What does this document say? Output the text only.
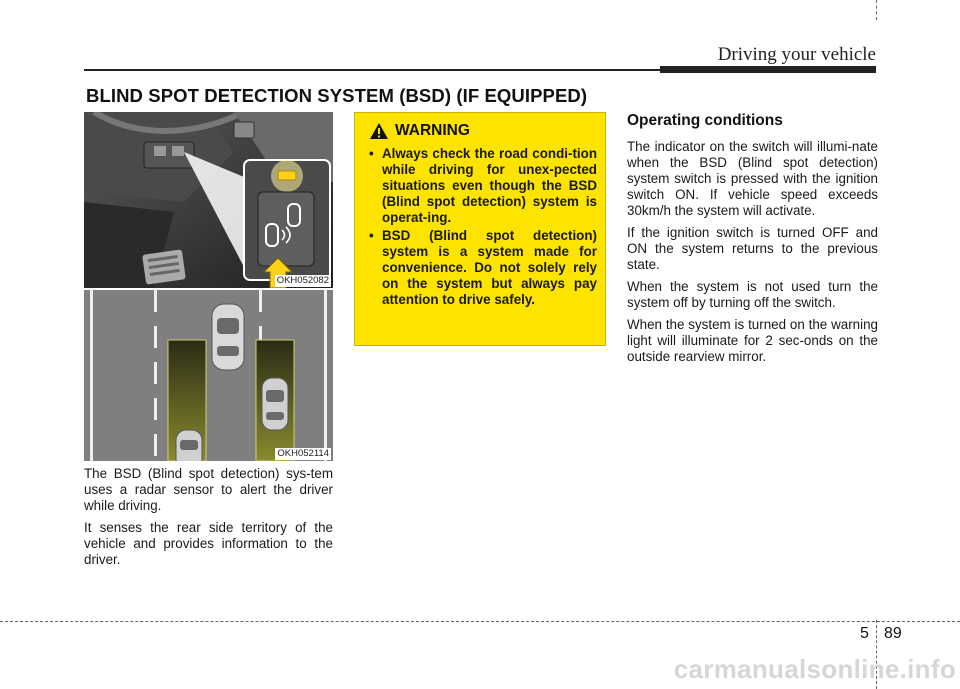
Driving your vehicle
BLIND SPOT DETECTION SYSTEM (BSD) (IF EQUIPPED)
OKH052082
OKH052114

The BSD (Blind spot detection) sys-tem uses a radar sensor to alert the driver while driving.

It senses the rear side territory of the vehicle and provides information to the driver.

WARNING
• Always check the road condi-tion while driving for unex-pected situations even though the BSD (Blind spot detection) system is operat-ing.
• BSD (Blind spot detection) system is a system made for convenience. Do not solely rely on the system but always pay attention to drive safely.
Operating conditions

The indicator on the switch will illumi-nate when the BSD (Blind spot detection) system switch is pressed with the ignition switch ON. If vehicle speed exceeds 30km/h the system will activate.

If the ignition switch is turned OFF and ON the system returns to the previous state.

When the system is not used turn the system off by turning off the switch.

When the system is turned on the warning light will illuminate for 2 sec-onds on the outside rearview mirror.

5 89
carmanualsonline.info
